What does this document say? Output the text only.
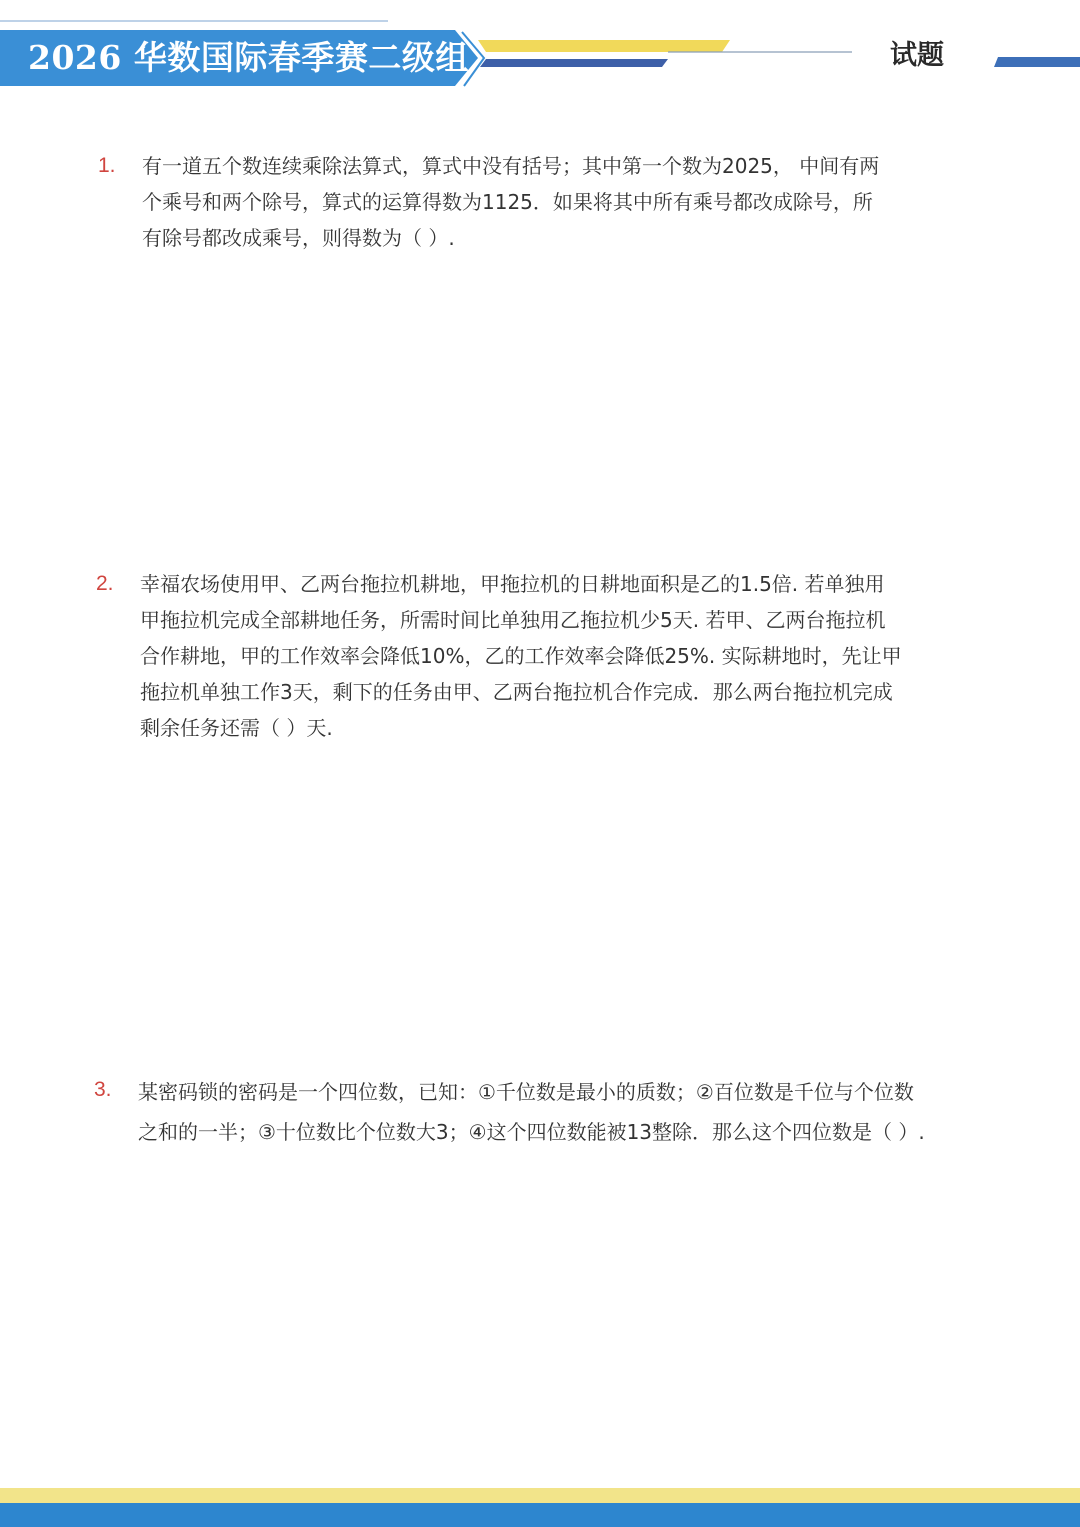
2026 华数国际春季赛二级组	试题
1. 有一道五个数连续乘除法算式，算式中没有括号；其中第一个数为2025， 中间有两
个乘号和两个除号，算式的运算得数为1125．如果将其中所有乘号都改成除号，所
有除号都改成乘号，则得数为（ ）.
2. 幸福农场使用甲、乙两台拖拉机耕地，甲拖拉机的日耕地面积是乙的1.5倍. 若单独用
甲拖拉机完成全部耕地任务，所需时间比单独用乙拖拉机少5天. 若甲、乙两台拖拉机
合作耕地，甲的工作效率会降低10%，乙的工作效率会降低25%. 实际耕地时，先让甲
拖拉机单独工作3天，剩下的任务由甲、乙两台拖拉机合作完成．那么两台拖拉机完成
剩余任务还需（ ）天.
3. 某密码锁的密码是一个四位数，已知：①千位数是最小的质数；②百位数是千位与个位数
之和的一半；③十位数比个位数大3；④这个四位数能被13整除．那么这个四位数是（ ）.
